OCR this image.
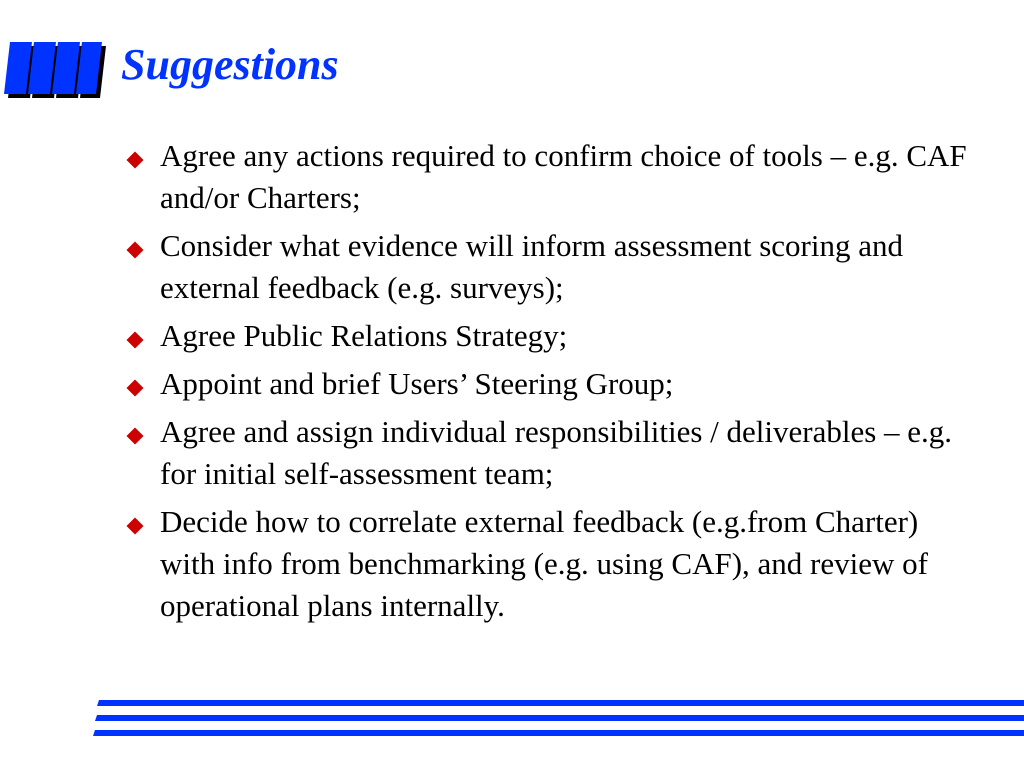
Suggestions
Agree any actions required to confirm choice of tools – e.g. CAF and/or Charters;
Consider what evidence will inform assessment scoring and external feedback (e.g. surveys);
Agree Public Relations Strategy;
Appoint and brief Users’ Steering Group;
Agree and assign individual responsibilities / deliverables – e.g. for initial self-assessment team;
Decide how to correlate external feedback (e.g.from Charter) with info from benchmarking (e.g. using CAF), and review of operational plans internally.
